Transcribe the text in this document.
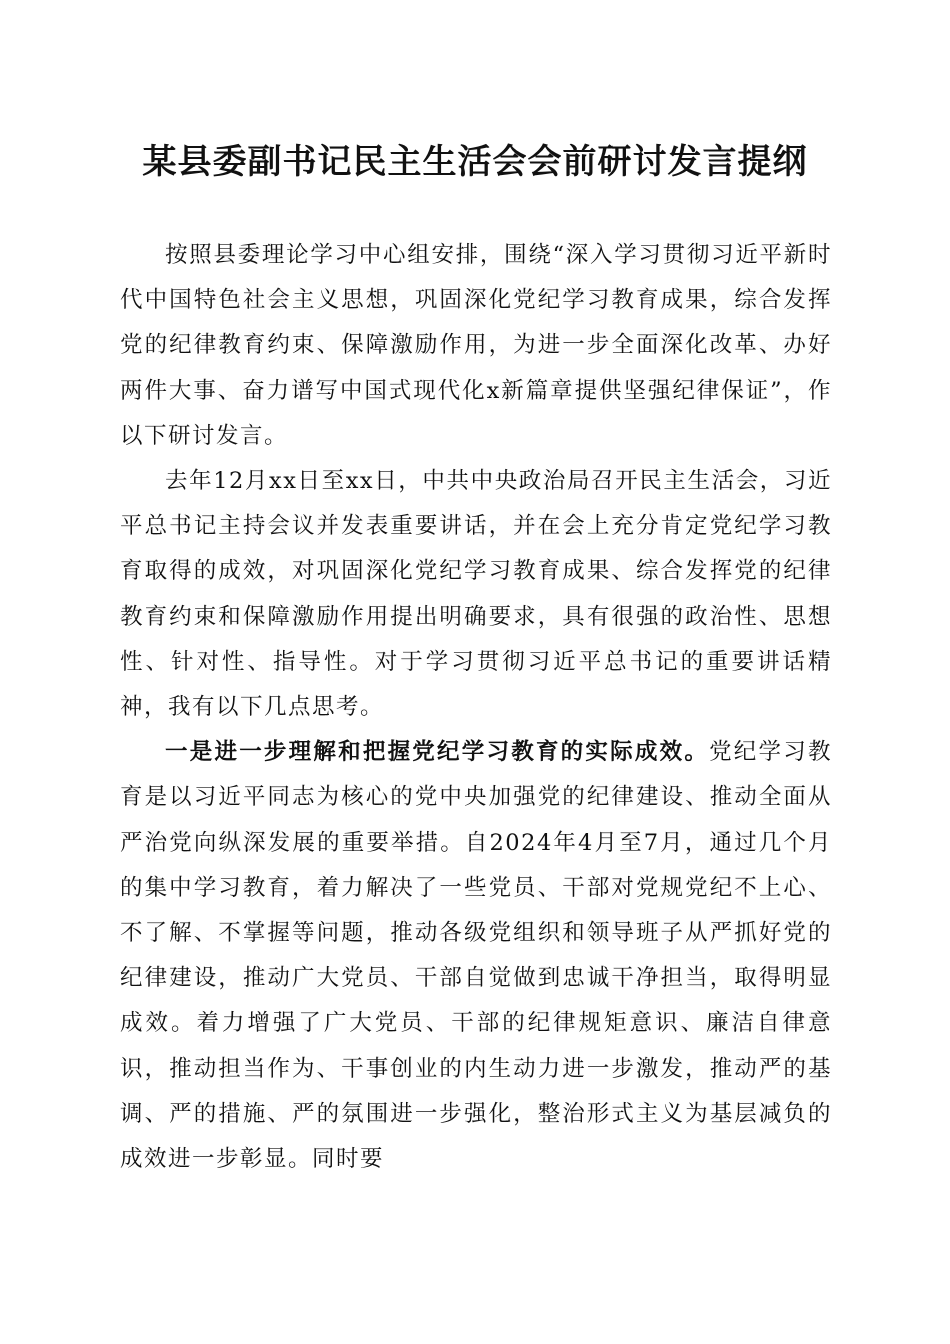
某县委副书记民主生活会会前研讨发言提纲

按照县委理论学习中心组安排，围绕“深入学习贯彻习近平新时代中国特色社会主义思想，巩固深化党纪学习教育成果，综合发挥党的纪律教育约束、保障激励作用，为进一步全面深化改革、办好两件大事、奋力谱写中国式现代化x新篇章提供坚强纪律保证”，作以下研讨发言。

去年12月xx日至xx日，中共中央政治局召开民主生活会，习近平总书记主持会议并发表重要讲话，并在会上充分肯定党纪学习教育取得的成效，对巩固深化党纪学习教育成果、综合发挥党的纪律教育约束和保障激励作用提出明确要求，具有很强的政治性、思想性、针对性、指导性。对于学习贯彻习近平总书记的重要讲话精神，我有以下几点思考。

一是进一步理解和把握党纪学习教育的实际成效。党纪学习教育是以习近平同志为核心的党中央加强党的纪律建设、推动全面从严治党向纵深发展的重要举措。自2024年4月至7月，通过几个月的集中学习教育，着力解决了一些党员、干部对党规党纪不上心、不了解、不掌握等问题，推动各级党组织和领导班子从严抓好党的纪律建设，推动广大党员、干部自觉做到忠诚干净担当，取得明显成效。着力增强了广大党员、干部的纪律规矩意识、廉洁自律意识，推动担当作为、干事创业的内生动力进一步激发，推动严的基调、严的措施、严的氛围进一步强化，整治形式主义为基层减负的成效进一步彰显。同时要
